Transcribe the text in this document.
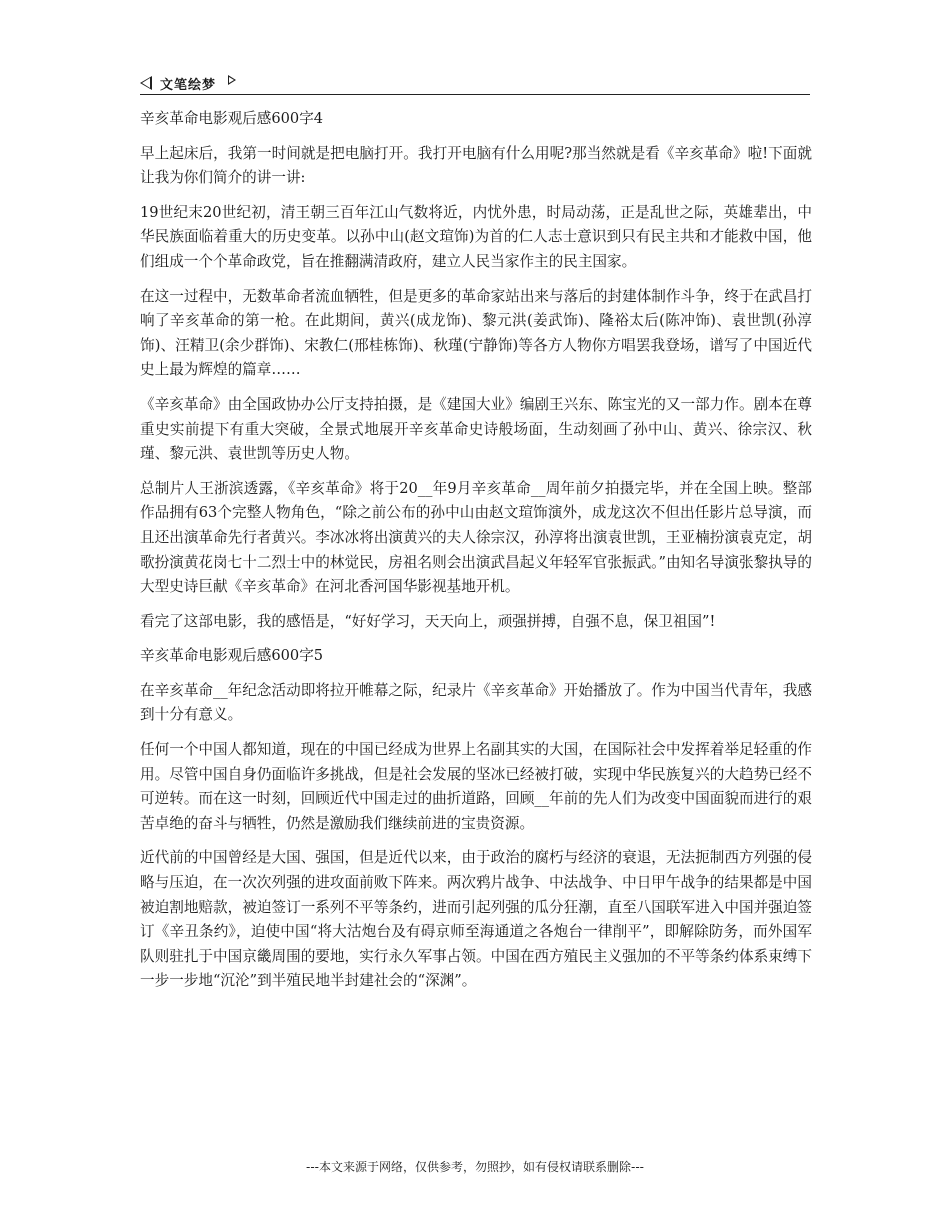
文笔绘梦

辛亥革命电影观后感600字4

早上起床后，我第一时间就是把电脑打开。我打开电脑有什么用呢?那当然就是看《辛亥革命》啦!下面就让我为你们简介的讲一讲:

19世纪末20世纪初，清王朝三百年江山气数将近，内忧外患，时局动荡，正是乱世之际，英雄辈出，中华民族面临着重大的历史变革。以孙中山(赵文瑄饰)为首的仁人志士意识到只有民主共和才能救中国，他们组成一个个革命政党，旨在推翻满清政府，建立人民当家作主的民主国家。

在这一过程中，无数革命者流血牺牲，但是更多的革命家站出来与落后的封建体制作斗争，终于在武昌打响了辛亥革命的第一枪。在此期间，黄兴(成龙饰)、黎元洪(姜武饰)、隆裕太后(陈冲饰)、袁世凯(孙淳饰)、汪精卫(余少群饰)、宋教仁(邢桂栋饰)、秋瑾(宁静饰)等各方人物你方唱罢我登场，谱写了中国近代史上最为辉煌的篇章……

《辛亥革命》由全国政协办公厅支持拍摄，是《建国大业》编剧王兴东、陈宝光的又一部力作。剧本在尊重史实前提下有重大突破，全景式地展开辛亥革命史诗般场面，生动刻画了孙中山、黄兴、徐宗汉、秋瑾、黎元洪、袁世凯等历史人物。

总制片人王浙滨透露，《辛亥革命》将于20__年9月辛亥革命__周年前夕拍摄完毕，并在全国上映。整部作品拥有63个完整人物角色，“除之前公布的孙中山由赵文瑄饰演外，成龙这次不但出任影片总导演，而且还出演革命先行者黄兴。李冰冰将出演黄兴的夫人徐宗汉，孙淳将出演袁世凯，王亚楠扮演袁克定，胡歌扮演黄花岗七十二烈士中的林觉民，房祖名则会出演武昌起义年轻军官张振武。”由知名导演张黎执导的大型史诗巨献《辛亥革命》在河北香河国华影视基地开机。

看完了这部电影，我的感悟是，“好好学习，天天向上，顽强拼搏，自强不息，保卫祖国”!

辛亥革命电影观后感600字5

在辛亥革命__年纪念活动即将拉开帷幕之际，纪录片《辛亥革命》开始播放了。作为中国当代青年，我感到十分有意义。

任何一个中国人都知道，现在的中国已经成为世界上名副其实的大国，在国际社会中发挥着举足轻重的作用。尽管中国自身仍面临许多挑战，但是社会发展的坚冰已经被打破，实现中华民族复兴的大趋势已经不可逆转。而在这一时刻，回顾近代中国走过的曲折道路，回顾__年前的先人们为改变中国面貌而进行的艰苦卓绝的奋斗与牺牲，仍然是激励我们继续前进的宝贵资源。

近代前的中国曾经是大国、强国，但是近代以来，由于政治的腐朽与经济的衰退，无法扼制西方列强的侵略与压迫，在一次次列强的进攻面前败下阵来。两次鸦片战争、中法战争、中日甲午战争的结果都是中国被迫割地赔款，被迫签订一系列不平等条约，进而引起列强的瓜分狂潮，直至八国联军进入中国并强迫签订《辛丑条约》，迫使中国“将大沽炮台及有碍京师至海通道之各炮台一律削平”，即解除防务，而外国军队则驻扎于中国京畿周围的要地，实行永久军事占领。中国在西方殖民主义强加的不平等条约体系束缚下一步一步地“沉沦”到半殖民地半封建社会的“深渊”。

---本文来源于网络，仅供参考，勿照抄，如有侵权请联系删除---
